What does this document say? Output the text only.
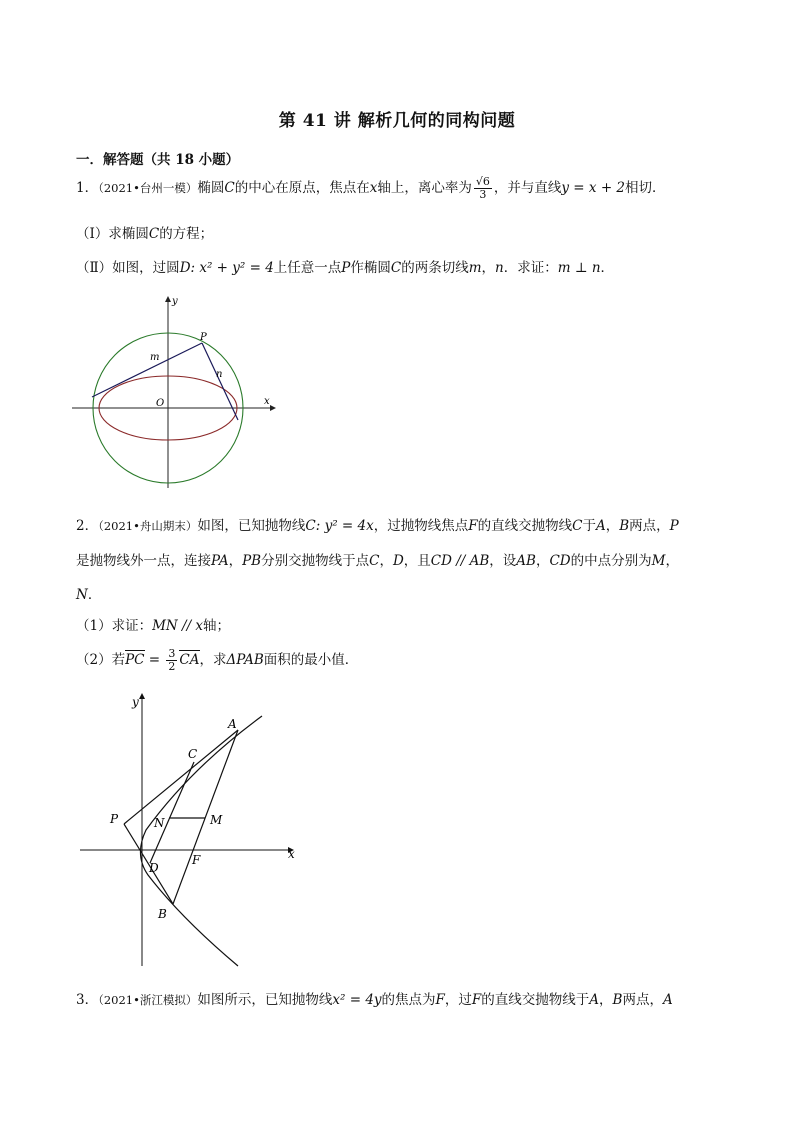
第 41 讲 解析几何的同构问题
一．解答题（共 18 小题）
1．（2021•台州一模）椭圆C的中心在原点，焦点在x轴上，离心率为 $\frac{√6}{3}$ ，并与直线y = x + 2相切．
（Ⅰ）求椭圆C的方程；
（Ⅱ）如图，过圆D: x² + y² = 4上任意一点P作椭圆C的两条切线m，n．求证：m ⊥ n．
y
x
O
P
m
n
2．（2021•舟山期末）如图，已知抛物线C: y² = 4x，过抛物线焦点F的直线交抛物线C于A，B两点，P
是抛物线外一点，连接PA，PB分别交抛物线于点C，D，且CD // AB，设AB，CD的中点分别为M，
N．
（1）求证：MN // x轴；
（2）若PC = $\frac{3}{2}$ CA，求ΔPAB面积的最小值．
y
x
A
C
P	N	M
D
F
B
3．（2021•浙江模拟）如图所示，已知抛物线x² = 4y的焦点为F，过F的直线交抛物线于A，B两点，A
